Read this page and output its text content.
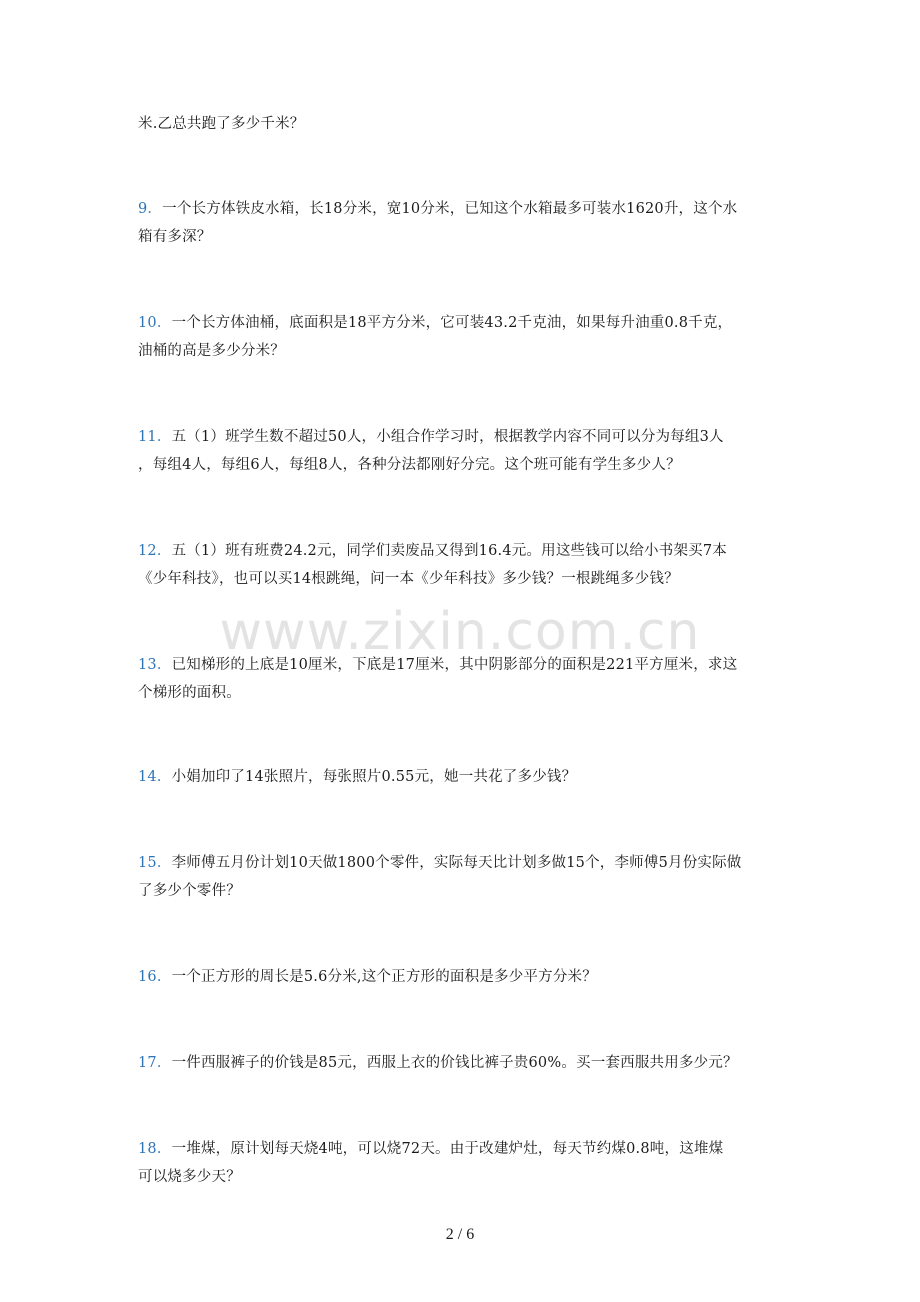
www.zixin.com.cn
米.乙总共跑了多少千米？
9．一个长方体铁皮水箱，长18分米，宽10分米，已知这个水箱最多可装水1620升，这个水
箱有多深？
10．一个长方体油桶，底面积是18平方分米，它可装43.2千克油，如果每升油重0.8千克，
油桶的高是多少分米？
11．五（1）班学生数不超过50人，小组合作学习时，根据教学内容不同可以分为每组3人
，每组4人，每组6人，每组8人，各种分法都刚好分完。这个班可能有学生多少人？
12．五（1）班有班费24.2元，同学们卖废品又得到16.4元。用这些钱可以给小书架买7本
《少年科技》，也可以买14根跳绳，问一本《少年科技》多少钱？一根跳绳多少钱？
13．已知梯形的上底是10厘米，下底是17厘米，其中阴影部分的面积是221平方厘米，求这
个梯形的面积。
14．小娟加印了14张照片，每张照片0.55元，她一共花了多少钱？
15．李师傅五月份计划10天做1800个零件，实际每天比计划多做15个，李师傅5月份实际做
了多少个零件？
16．一个正方形的周长是5.6分米,这个正方形的面积是多少平方分米？
17．一件西服裤子的价钱是85元，西服上衣的价钱比裤子贵60%。买一套西服共用多少元？
18．一堆煤，原计划每天烧4吨，可以烧72天。由于改建炉灶，每天节约煤0.8吨，这堆煤
可以烧多少天？
2 / 6
